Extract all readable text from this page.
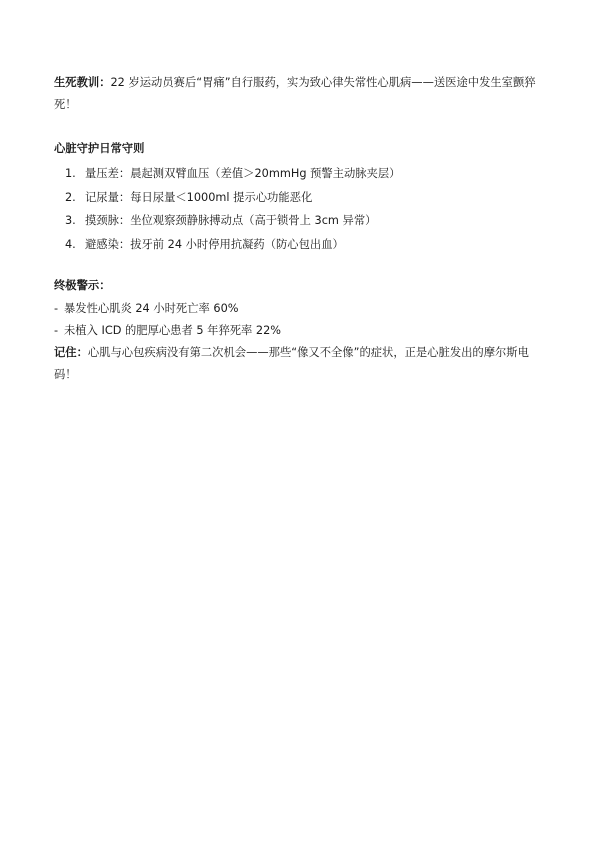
生死教训：22 岁运动员赛后“胃痛”自行服药，实为致心律失常性心肌病——送医途中发生室颤猝死！

心脏守护日常守则

1. 量压差：晨起测双臂血压（差值＞20mmHg 预警主动脉夹层）
2. 记尿量：每日尿量＜1000ml 提示心功能恶化
3. 摸颈脉：坐位观察颈静脉搏动点（高于锁骨上 3cm 异常）
4. 避感染：拔牙前 24 小时停用抗凝药（防心包出血）

终极警示：

- 暴发性心肌炎 24 小时死亡率 60%

- 未植入 ICD 的肥厚心患者 5 年猝死率 22%

记住：心肌与心包疾病没有第二次机会——那些“像又不全像”的症状，正是心脏发出的摩尔斯电码！
